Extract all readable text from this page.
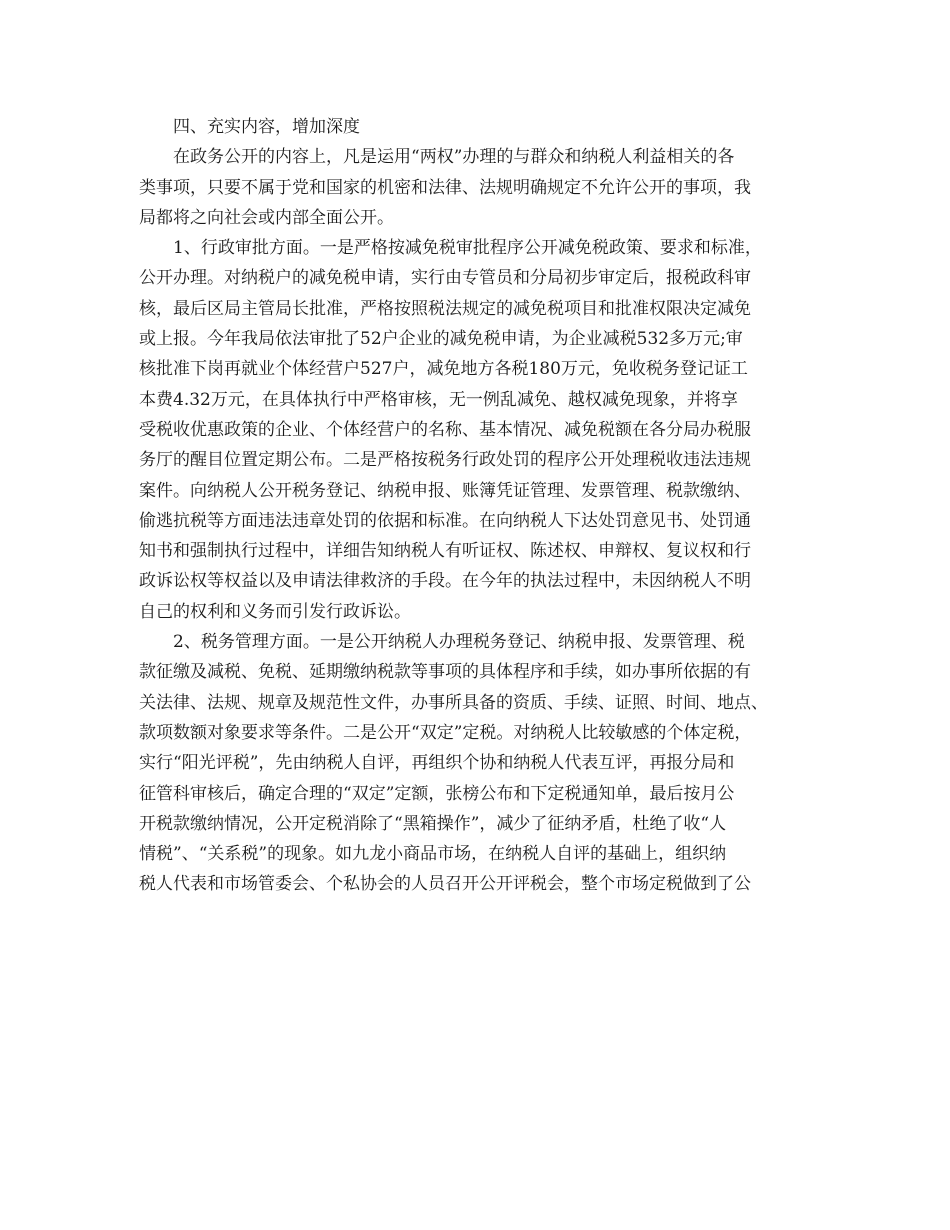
四、充实内容，增加深度
在政务公开的内容上，凡是运用“两权”办理的与群众和纳税人利益相关的各
类事项，只要不属于党和国家的机密和法律、法规明确规定不允许公开的事项，我
局都将之向社会或内部全面公开。
1、行政审批方面。一是严格按减免税审批程序公开减免税政策、要求和标准，
公开办理。对纳税户的减免税申请，实行由专管员和分局初步审定后，报税政科审
核，最后区局主管局长批准，严格按照税法规定的减免税项目和批准权限决定减免
或上报。今年我局依法审批了52户企业的减免税申请，为企业减税532多万元;审
核批准下岗再就业个体经营户527户，减免地方各税180万元，免收税务登记证工
本费4.32万元，在具体执行中严格审核，无一例乱减免、越权减免现象，并将享
受税收优惠政策的企业、个体经营户的名称、基本情况、减免税额在各分局办税服
务厅的醒目位置定期公布。二是严格按税务行政处罚的程序公开处理税收违法违规
案件。向纳税人公开税务登记、纳税申报、账簿凭证管理、发票管理、税款缴纳、
偷逃抗税等方面违法违章处罚的依据和标准。在向纳税人下达处罚意见书、处罚通
知书和强制执行过程中，详细告知纳税人有听证权、陈述权、申辩权、复议权和行
政诉讼权等权益以及申请法律救济的手段。在今年的执法过程中，未因纳税人不明
自己的权利和义务而引发行政诉讼。
2、税务管理方面。一是公开纳税人办理税务登记、纳税申报、发票管理、税
款征缴及减税、免税、延期缴纳税款等事项的具体程序和手续，如办事所依据的有
关法律、法规、规章及规范性文件，办事所具备的资质、手续、证照、时间、地点、
款项数额对象要求等条件。二是公开“双定”定税。对纳税人比较敏感的个体定税，
实行“阳光评税”，先由纳税人自评，再组织个协和纳税人代表互评，再报分局和
征管科审核后，确定合理的“双定”定额，张榜公布和下定税通知单，最后按月公
开税款缴纳情况，公开定税消除了“黑箱操作”，减少了征纳矛盾，杜绝了收“人
情税”、“关系税”的现象。如九龙小商品市场，在纳税人自评的基础上，组织纳
税人代表和市场管委会、个私协会的人员召开公开评税会，整个市场定税做到了公
